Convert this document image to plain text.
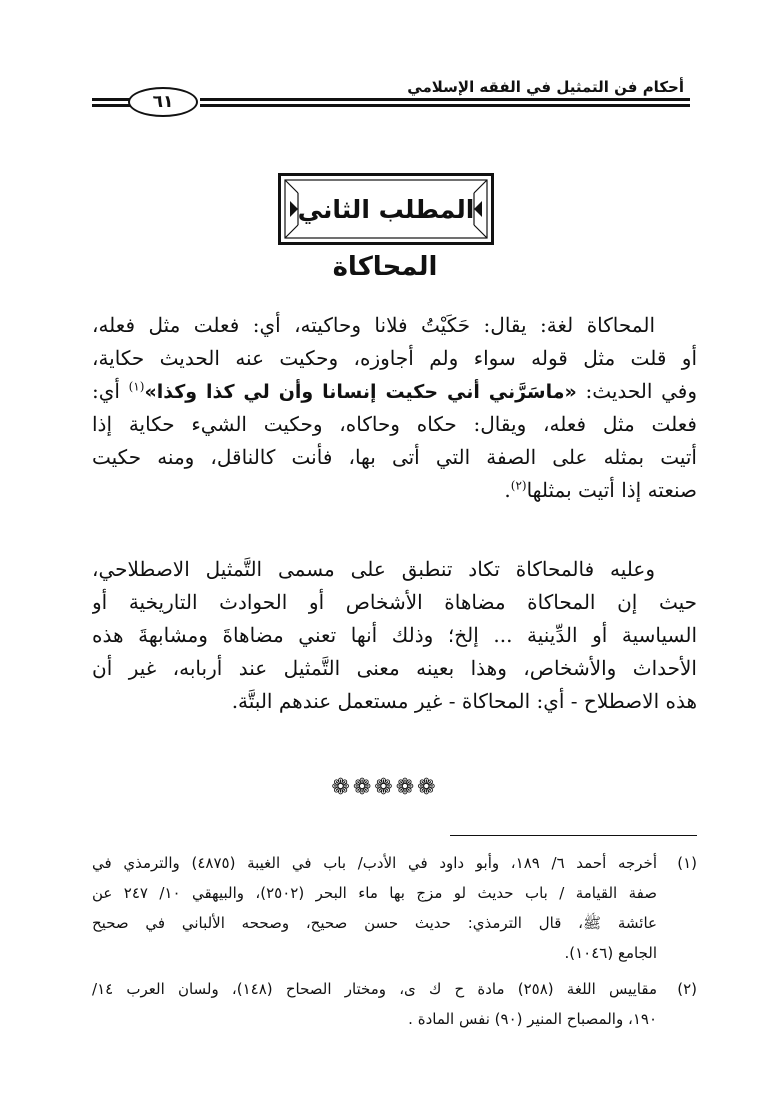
أحكام فن التمثيل في الفقه الإسلامي
٦١
المطلب الثاني
المحاكاة
المحاكاة لغة: يقال: حَكَيْتُ فلانا وحاكيته، أي: فعلت مثل فعله،
أو قلت مثل قوله سواء ولم أجاوزه، وحكيت عنه الحديث حكاية،
وفي الحديث: «ماسَرَّني أني حكيت إنسانا وأن لي كذا وكذا»$^{(١)}$ أي:
فعلت مثل فعله، ويقال: حكاه وحاكاه، وحكيت الشيء حكاية إذا
أتيت بمثله على الصفة التي أتى بها، فأنت كالناقل، ومنه حكيت
صنعته إذا أتيت بمثلها$^{(٢)}$.
وعليه فالمحاكاة تكاد تنطبق على مسمى التَّمثيل الاصطلاحي،
حيث إن المحاكاة مضاهاة الأشخاص أو الحوادث التاريخية أو
السياسية أو الدِّينية ... إلخ؛ وذلك أنها تعني مضاهاةَ ومشابهةَ هذه
الأحداث والأشخاص، وهذا بعينه معنى التَّمثيل عند أربابه، غير أن
هذه الاصطلاح - أي: المحاكاة - غير مستعمل عندهم البتَّة.
❁❁❁❁❁
(١)
أخرجه أحمد ٦/ ١٨٩، وأبو داود في الأدب/ باب في الغيبة (٤٨٧٥) والترمذي في
صفة القيامة / باب حديث لو مزج بها ماء البحر (٢٥٠٢)، والبيهقي ١٠/ ٢٤٧ عن
عائشة ﷺ، قال الترمذي: حديث حسن صحيح، وصححه الألباني في صحيح
الجامع (١٠٤٦).
(٢)
مقاييس اللغة (٢٥٨) مادة ح ك ى، ومختار الصحاح (١٤٨)، ولسان العرب ١٤/
١٩٠، والمصباح المنير (٩٠) نفس المادة .
